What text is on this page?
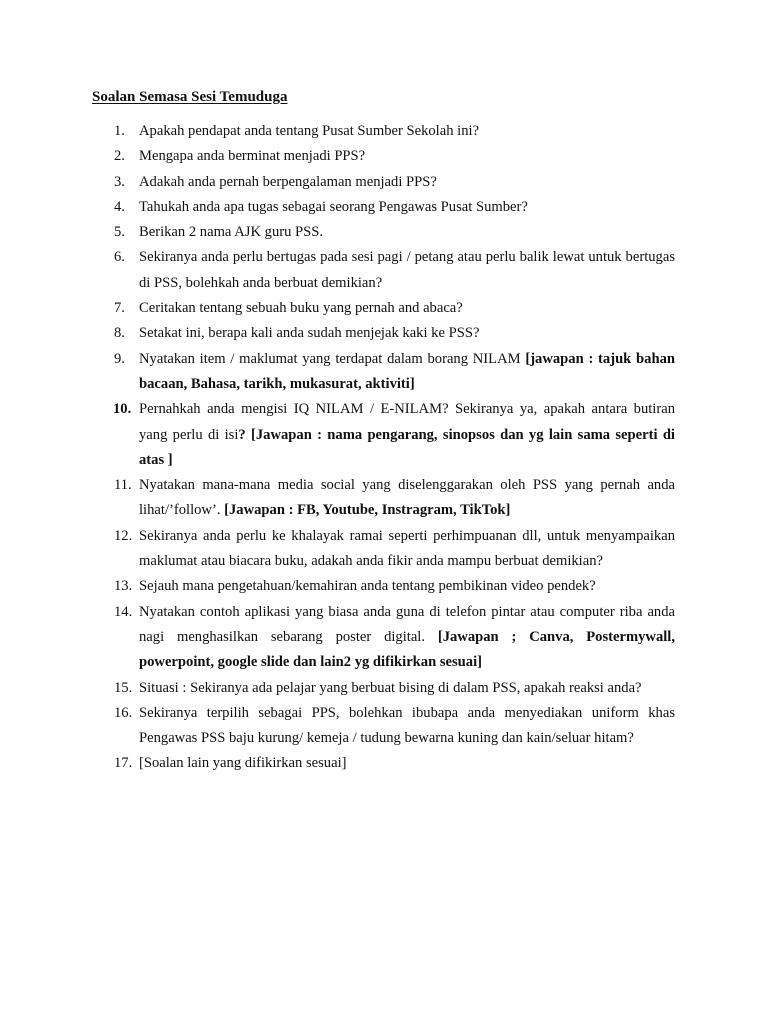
Soalan Semasa Sesi Temuduga
1. Apakah pendapat anda tentang Pusat Sumber Sekolah ini?
2. Mengapa anda berminat menjadi PPS?
3. Adakah anda pernah berpengalaman menjadi PPS?
4. Tahukah anda apa tugas sebagai seorang Pengawas Pusat Sumber?
5. Berikan 2 nama AJK guru PSS.
6. Sekiranya anda perlu bertugas pada sesi pagi / petang atau perlu balik lewat untuk bertugas di PSS, bolehkah anda berbuat demikian?
7. Ceritakan tentang sebuah buku yang pernah and abaca?
8. Setakat ini, berapa kali anda sudah menjejak kaki ke PSS?
9. Nyatakan item / maklumat yang terdapat dalam borang NILAM [jawapan : tajuk bahan bacaan, Bahasa, tarikh, mukasurat, aktiviti]
10. Pernahkah anda mengisi IQ NILAM / E-NILAM? Sekiranya ya, apakah antara butiran yang perlu di isi? [Jawapan : nama pengarang, sinopsos dan yg lain sama seperti di atas ]
11. Nyatakan mana-mana media social yang diselenggarakan oleh PSS yang pernah anda lihat/’follow’. [Jawapan : FB, Youtube, Instragram, TikTok]
12. Sekiranya anda perlu ke khalayak ramai seperti perhimpuanan dll, untuk menyampaikan maklumat atau biacara buku, adakah anda fikir anda mampu berbuat demikian?
13. Sejauh mana pengetahuan/kemahiran anda tentang pembikinan video pendek?
14. Nyatakan contoh aplikasi yang biasa anda guna di telefon pintar atau computer riba anda nagi menghasilkan sebarang poster digital. [Jawapan ; Canva, Postermywall, powerpoint, google slide dan lain2 yg difikirkan sesuai]
15. Situasi : Sekiranya ada pelajar yang berbuat bising di dalam PSS, apakah reaksi anda?
16. Sekiranya terpilih sebagai PPS, bolehkan ibubapa anda menyediakan uniform khas Pengawas PSS baju kurung/ kemeja / tudung bewarna kuning dan kain/seluar hitam?
17. [Soalan lain yang difikirkan sesuai]
